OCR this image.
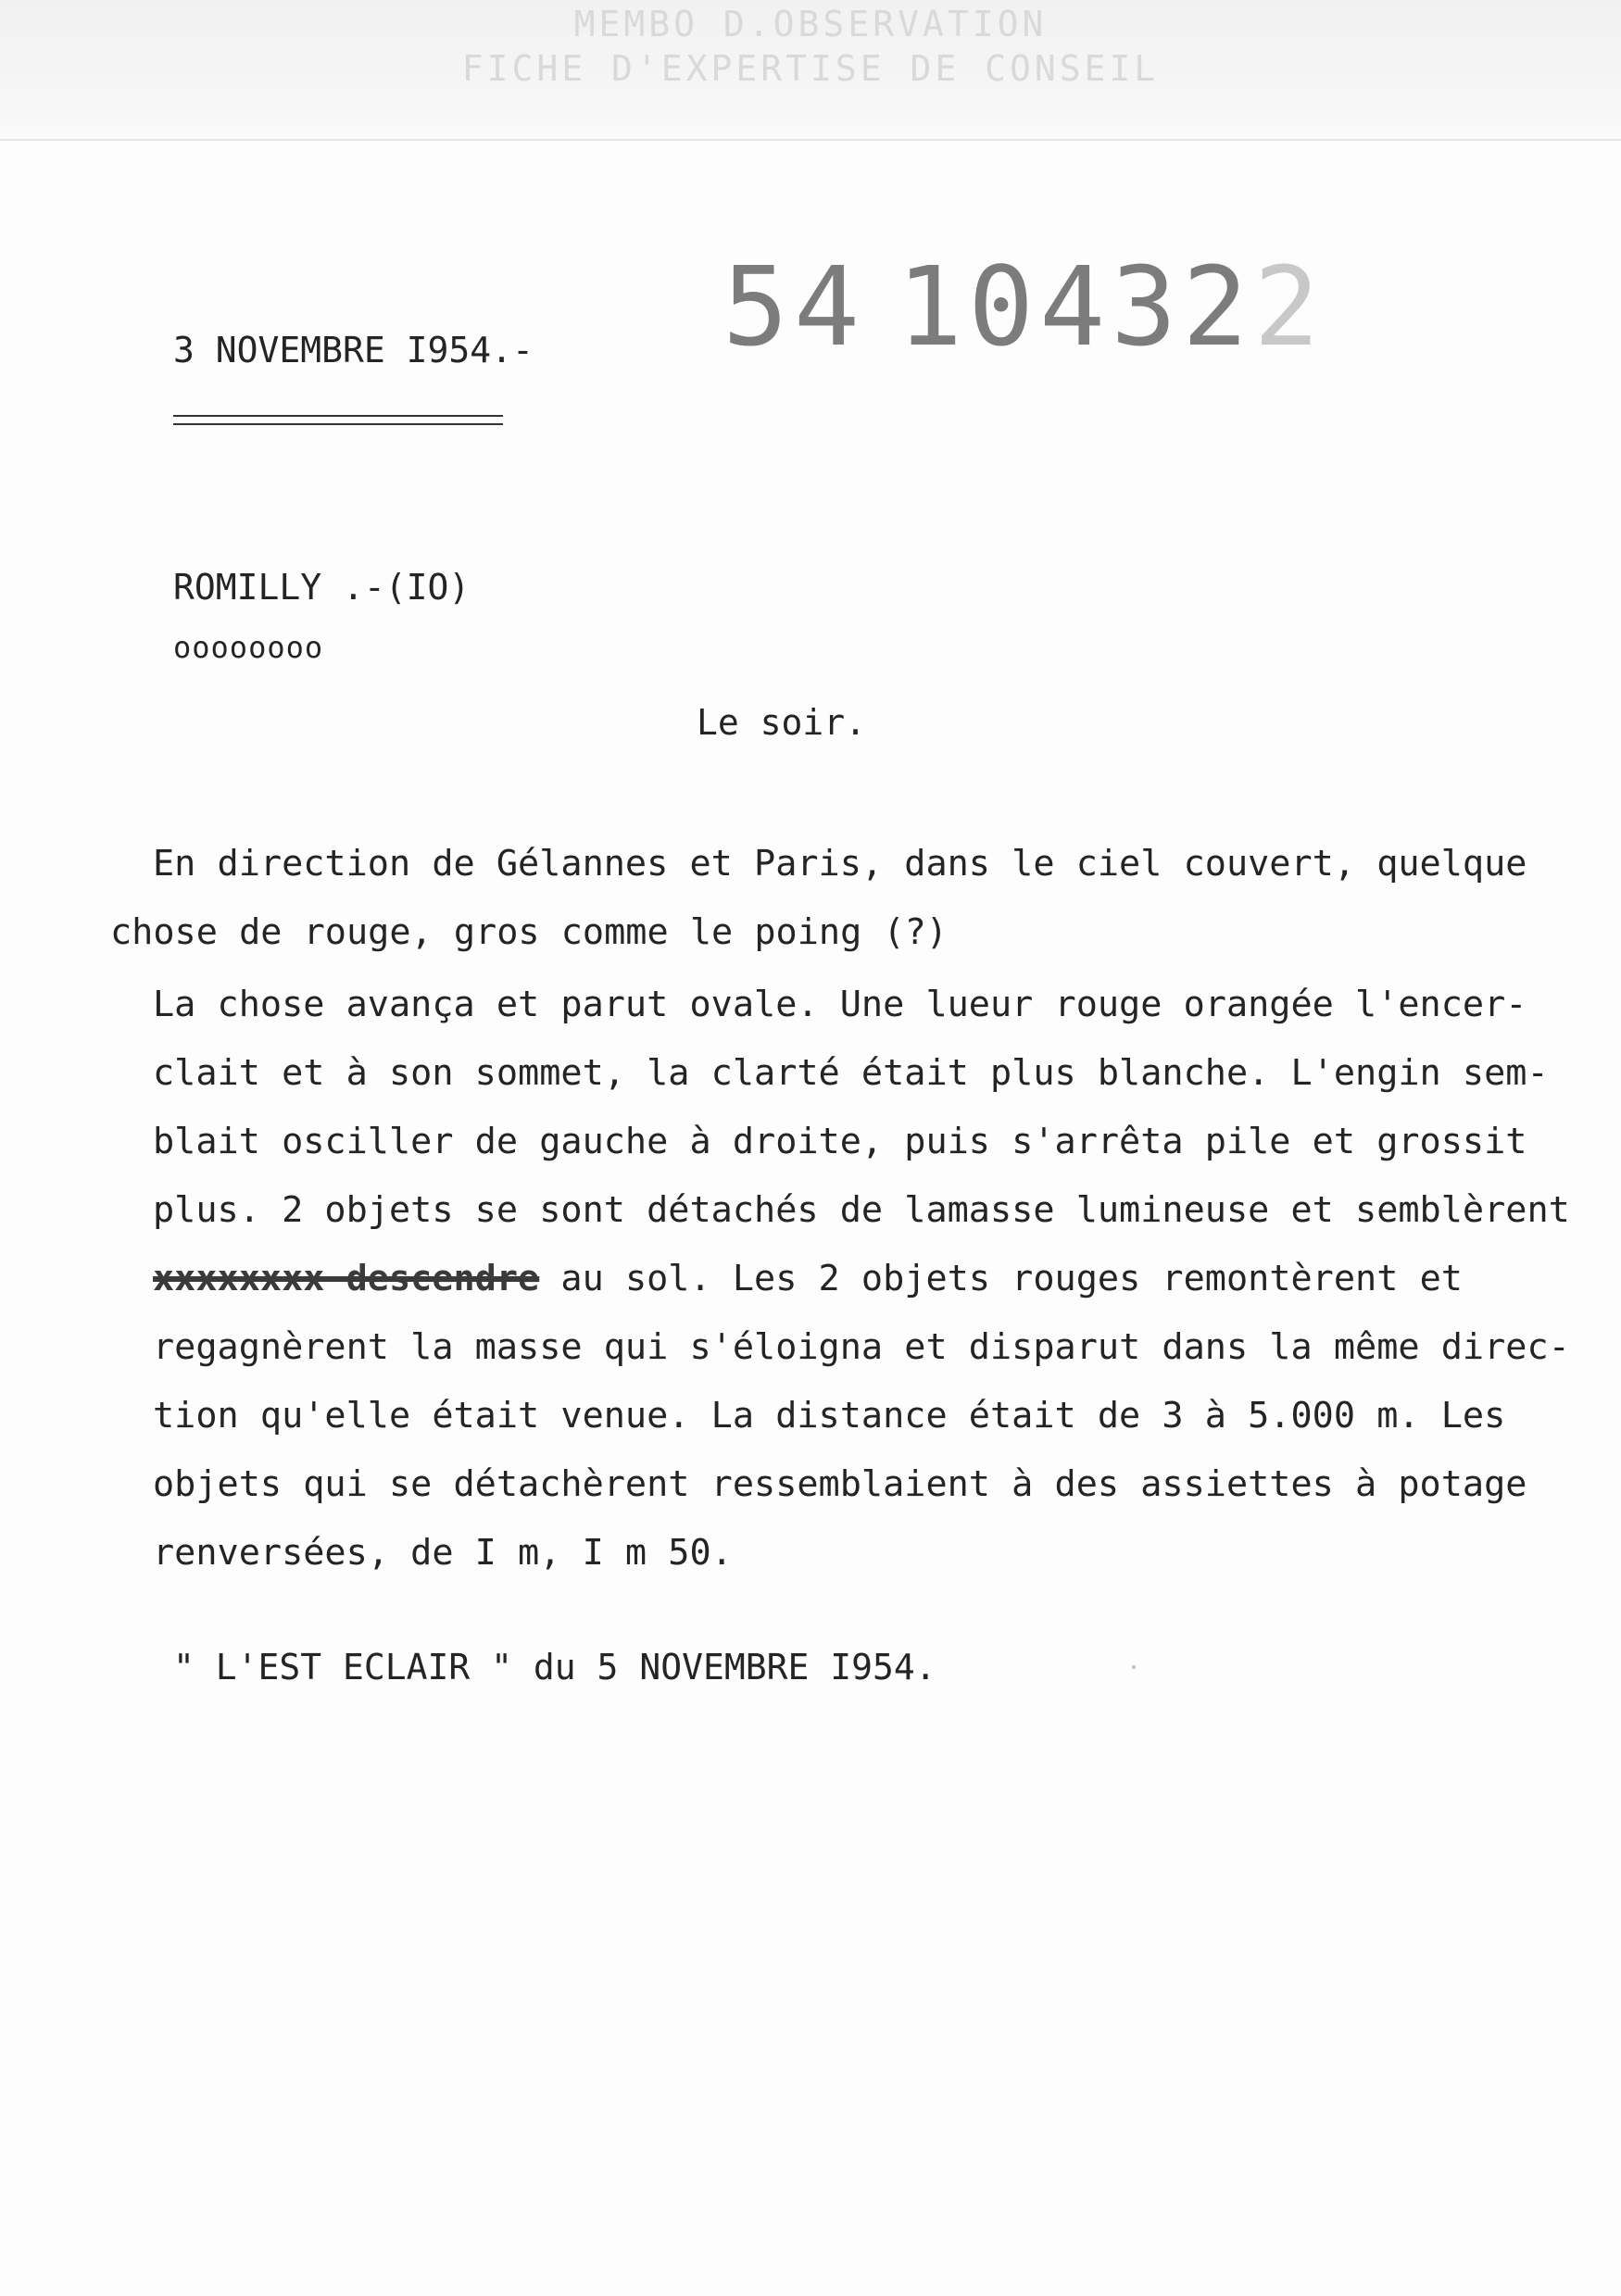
MEMBO D.OBSERVATION
FICHE D'EXPERTISE DE CONSEIL
54 104322
3 NOVEMBRE I954.-
ROMILLY .-(IO)
oooooooo
Le soir.
En direction de Gélannes et Paris, dans le ciel couvert, quelque
chose de rouge, gros comme le poing (?)
La chose avança et parut ovale. Une lueur rouge orangée l'encer-
clait et à son sommet, la clarté était plus blanche. L'engin sem-
blait osciller de gauche à droite, puis s'arrêta pile et grossit
plus. 2 objets se sont détachés de lamasse lumineuse et semblèrent
xxxxxxxx descendre au sol. Les 2 objets rouges remontèrent et
regagnèrent la masse qui s'éloigna et disparut dans la même direc-
tion qu'elle était venue. La distance était de 3 à 5.000 m. Les
objets qui se détachèrent ressemblaient à des assiettes à potage
renversées, de I m, I m 50.
" L'EST ECLAIR " du 5 NOVEMBRE I954.
